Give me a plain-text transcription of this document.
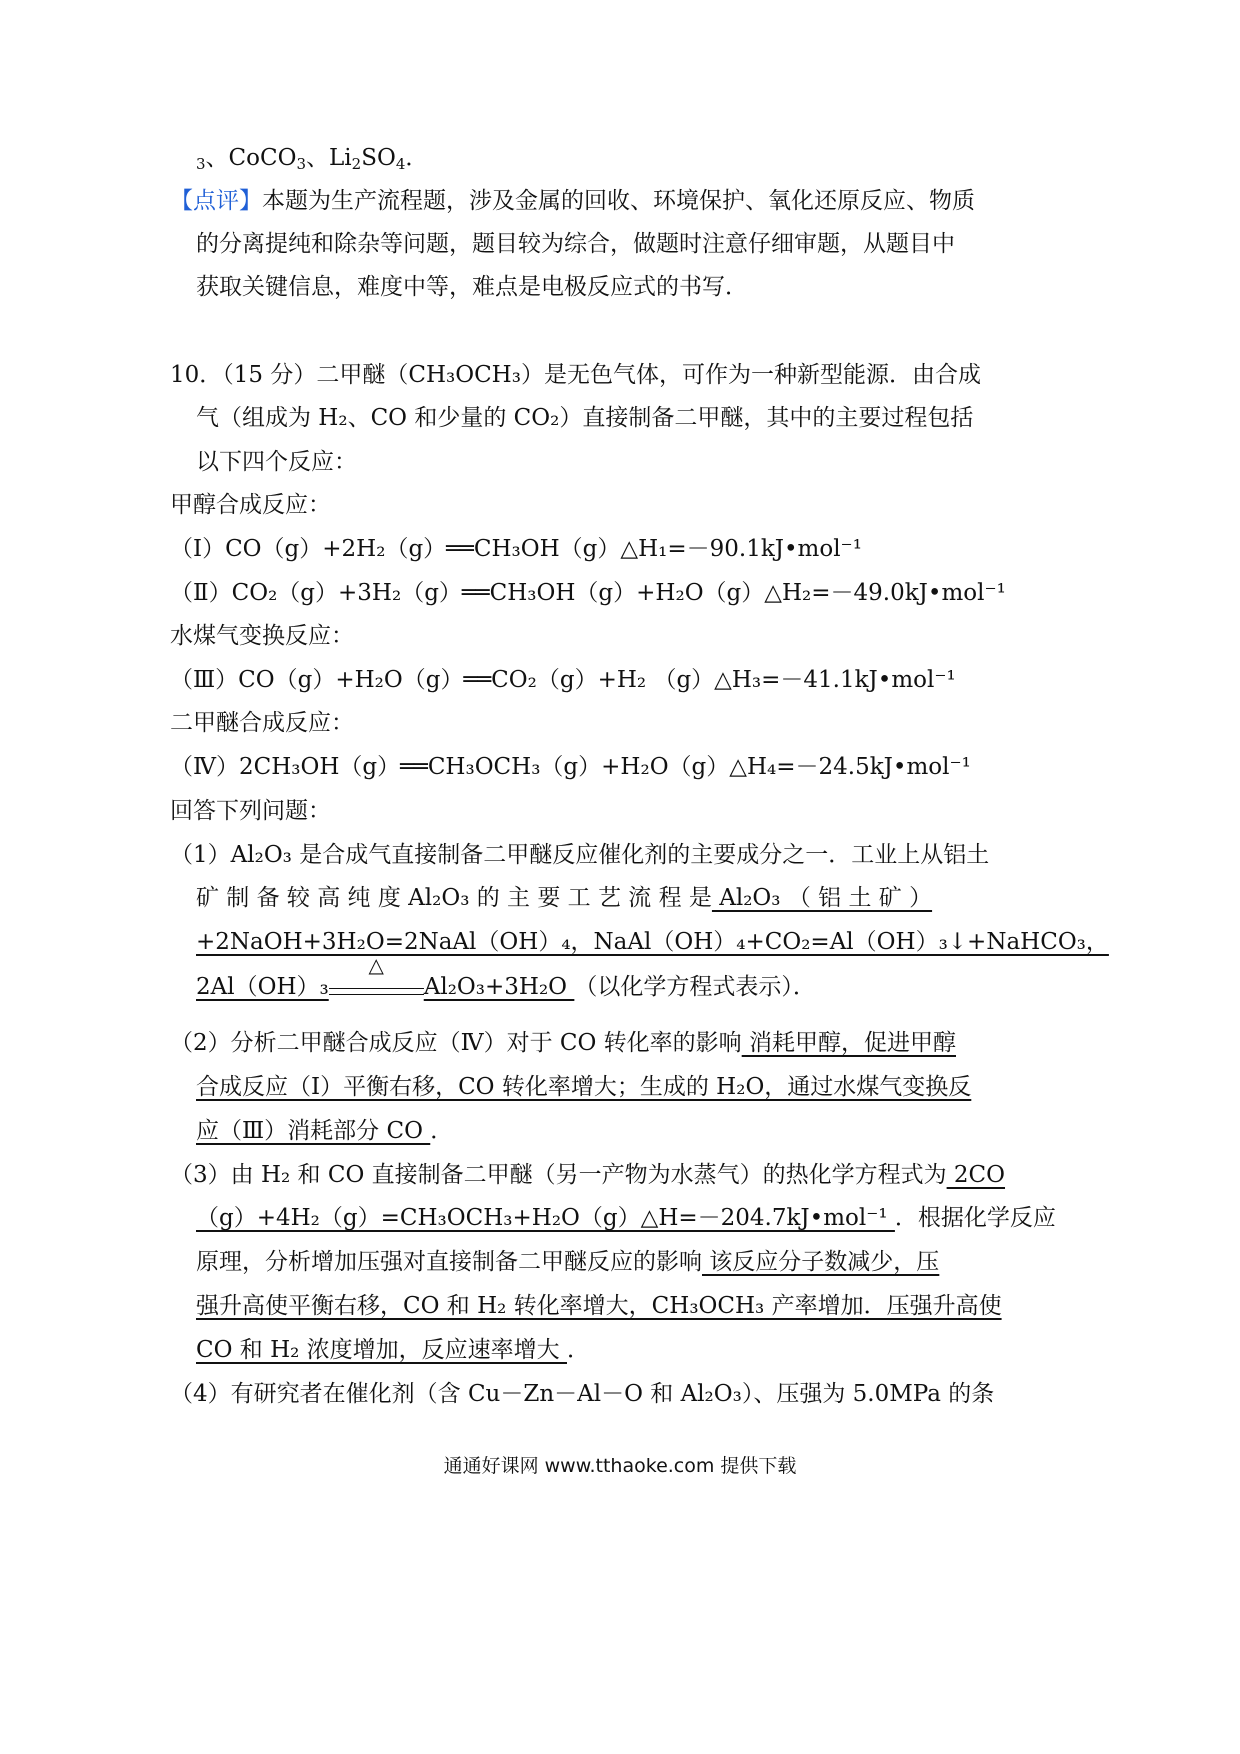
$_3$、CoCO$_3$、$Li_2SO_4$．
【点评】本题为生产流程题，涉及金属的回收、环境保护、氧化还原反应、物质
的分离提纯和除杂等问题，题目较为综合，做题时注意仔细审题，从题目中
获取关键信息，难度中等，难点是电极反应式的书写．
10．（15 分）二甲醚（CH₃OCH₃）是无色气体，可作为一种新型能源．由合成
气（组成为 H₂、CO 和少量的 CO₂）直接制备二甲醚，其中的主要过程包括
以下四个反应：
甲醇合成反应：
（Ⅰ）CO（g）+2H₂（g）══CH₃OH（g）△H₁=－90.1kJ•mol⁻¹
（Ⅱ）CO₂（g）+3H₂（g）══CH₃OH（g）+H₂O（g）△H₂=－49.0kJ•mol⁻¹
水煤气变换反应：
（Ⅲ）CO（g）+H₂O（g）══CO₂（g）+H₂ （g）△H₃=－41.1kJ•mol⁻¹
二甲醚合成反应：
（Ⅳ）2CH₃OH（g）══CH₃OCH₃（g）+H₂O（g）△H₄=－24.5kJ•mol⁻¹
回答下列问题：
（1）Al₂O₃ 是合成气直接制备二甲醚反应催化剂的主要成分之一．工业上从铝土
矿 制 备 较 高 纯 度 Al₂O₃ 的 主 要 工 艺 流 程 是 Al₂O₃ （ 铝 土 矿 ）
+2NaOH+3H₂O=2NaAl（OH）₄，NaAl（OH）₄+CO₂=Al（OH）₃↓+NaHCO₃，
2Al（OH）₃
△
Al₂O₃+3H₂O （以化学方程式表示）．
（2）分析二甲醚合成反应（Ⅳ）对于 CO 转化率的影响 消耗甲醇，促进甲醇
合成反应（Ⅰ）平衡右移，CO 转化率增大；生成的 H₂O，通过水煤气变换反
应（Ⅲ）消耗部分 CO ．
（3）由 H₂ 和 CO 直接制备二甲醚（另一产物为水蒸气）的热化学方程式为 2CO
（g）+4H₂（g）=CH₃OCH₃+H₂O（g）△H=－204.7kJ•mol⁻¹ ．根据化学反应
原理，分析增加压强对直接制备二甲醚反应的影响 该反应分子数减少，压
强升高使平衡右移，CO 和 H₂ 转化率增大，CH₃OCH₃ 产率增加．压强升高使
CO 和 H₂ 浓度增加，反应速率增大 ．
（4）有研究者在催化剂（含 Cu－Zn－Al－O 和 Al₂O₃）、压强为 5.0MPa 的条
通通好课网 www.tthaoke.com 提供下载
